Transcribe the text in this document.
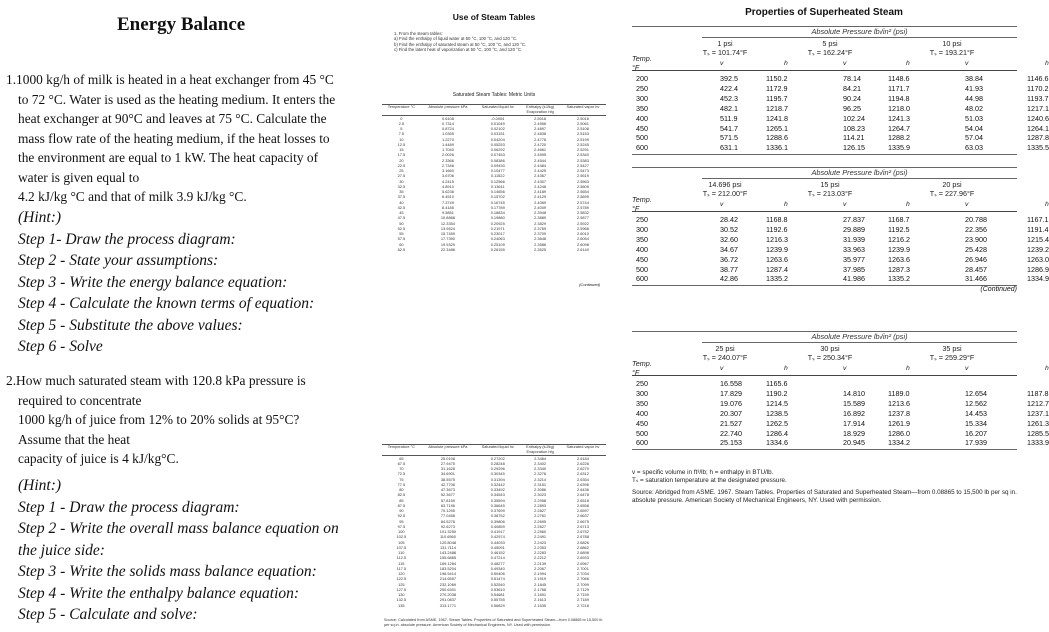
Energy Balance
1.1000 kg/h of milk is heated in a heat exchanger from 45 °C
to 72 °C. Water is used as the heating medium. It enters the
heat exchanger at 90°C and leaves at 75 °C. Calculate the
mass flow rate of the heating medium, if the heat losses to
the environment are equal to 1 kW. The heat capacity of
water is given equal to
4.2 kJ/kg °C and that of milk 3.9 kJ/kg °C.
(Hint:)
Step 1- Draw the process diagram:
Step 2 - State your assumptions:
Step 3 - Write the energy balance equation:
Step 4 - Calculate the known terms of equation:
Step 5 - Substitute the above values:
Step 6 - Solve
2.How much saturated steam with 120.8 kPa pressure is
required to concentrate
1000 kg/h of juice from 12% to 20% solids at 95°C?
Assume that the heat
capacity of juice is 4 kJ/kg°C.
(Hint:)
Step 1 - Draw the process diagram:
Step 2 - Write the overall mass balance equation on
the juice side:
Step 3 - Write the solids mass balance equation:
Step 4 - Write the enthalpy balance equation:
Step 5 - Calculate and solve:
Use of Steam Tables
1. From the steam tables:
a) Find the enthalpy of liquid water at 50 °C, 100 °C, and 120 °C.
b) Find the enthalpy of saturated steam at 50 °C, 100 °C, and 120 °C.
c) Find the latent heat of vaporization at 50 °C, 100 °C, and 120 °C.
Saturated Steam Tables: Metric Units
Temperature °C	Absolute pressure kPa	Saturated liquid hc	Enthalpy (kJ/kg)
Evaporation hfg	Saturated vapor hv
0	0.6108	-0.0004	2.5016	2.5016
2.5	0.7314	0.01049	2.4956	2.5061
5	0.8724	0.02102	2.4897	2.5108
7.5	1.0355	0.03151	2.4838	2.5153
10	1.2270	0.04204	2.4778	2.5199
12.5	1.4489	0.05253	2.4720	2.5245
15	1.7040	0.06292	2.4661	2.5291
17.5	2.0026	0.07453	2.4595	2.5340
20	2.3366	0.08386	2.4544	2.5383
22.5	2.7346	0.09430	2.4484	2.5427
25	3.1660	0.10477	2.4425	2.5473
27.5	3.6706	0.11522	2.4367	2.5519
30	4.2415	0.12566	2.4307	2.5563
32.5	4.8910	0.13611	2.4246	2.5609
35	5.6236	0.14656	2.4189	2.5654
37.5	6.4510	0.15702	2.4129	2.5699
40	7.3749	0.16745	2.4069	2.5744
42.5	8.4185	0.17789	2.4009	2.5789
45	9.5851	0.18834	2.3948	2.5832
47.5	10.8868	0.19880	2.3889	2.5877
50	12.3354	0.20925	2.3829	2.5922
52.5	13.9524	0.21971	2.3769	2.5966
55	15.7459	0.23017	2.3709	2.6010
57.5	17.7390	0.24063	2.3648	2.6054
60	19.9329	0.25109	2.3586	2.6098
62.5	22.3486	0.26155	2.3525	2.6140
(Continued)
Temperature °C	Absolute pressure kPa	Saturated liquid hc	Enthalpy (kJ/kg)
Evaporation hfg	Saturated vapor hv
65	25.0108	0.27202	2.3464	2.6184
67.5	27.9475	0.28248	2.3402	2.6226
70	31.1628	0.29296	2.3340	2.6270
72.5	34.6901	0.30345	2.3276	2.6312
75	38.5575	0.31394	2.3214	2.6354
77.5	42.7706	0.32442	2.3151	2.6396
80	47.3673	0.33492	2.3086	2.6436
82.5	52.3677	0.34543	2.3023	2.6478
85	57.8159	0.35594	2.2958	2.6518
87.5	63.7196	0.36645	2.2893	2.6558
90	70.1295	0.37699	2.2827	2.6597
92.5	77.0458	0.38752	2.2761	2.6637
95	84.5278	0.39806	2.2695	2.6675
97.5	92.6273	0.40859	2.2627	2.6713
100	101.3250	0.41917	2.2560	2.6752
102.5	110.6560	0.42974	2.2491	2.6788
105	120.8048	0.44033	2.2423	2.6826
107.5	131.7114	0.45091	2.2353	2.6862
110	143.2488	0.46152	2.2283	2.6898
112.5	155.6865	0.47214	2.2212	2.6933
115	169.1284	0.48277	2.2139	2.6967
117.5	183.5204	0.49340	2.2067	2.7001
120	198.5414	0.50406	2.1994	2.7034
122.5	214.6557	0.51474	2.1919	2.7066
125	232.1069	0.52540	2.1845	2.7099
127.5	250.6301	0.53610	2.1768	2.7129
130	270.2038	0.54681	2.1691	2.7159
132.5	291.0837	0.55755	2.1613	2.7189
135	313.1771	0.56829	2.1535	2.7218
Source: Calculated from ASME, 1967. Steam Tables. Properties of Saturated and Superheated Steam—from 0.08865 to 15,500 lb per sq in. absolute pressure. American Society of Mechanical Engineers, NY. Used with permission.
Properties of Superheated Steam
Absolute Pressure lbₗ/in² (psi)
Temp.
°F
1 psi
Tₛ = 101.74°F
v	h
5 psi
Tₛ = 162.24°F
v	h
10 psi
Tₛ = 193.21°F
v	h
200	392.5	1150.2	78.14	1148.6	38.84	1146.6
250	422.4	1172.9	84.21	1171.7	41.93	1170.2
300	452.3	1195.7	90.24	1194.8	44.98	1193.7
350	482.1	1218.7	96.25	1218.0	48.02	1217.1
400	511.9	1241.8	102.24	1241.3	51.03	1240.6
450	541.7	1265.1	108.23	1264.7	54.04	1264.1
500	571.5	1288.6	114.21	1288.2	57.04	1287.8
600	631.1	1336.1	126.15	1335.9	63.03	1335.5
Absolute Pressure lbₗ/in² (psi)
Temp.
°F
14.696 psi
Tₛ = 212.00°F
v	h
15 psi
Tₛ = 213.03°F
v	h
20 psi
Tₛ = 227.96°F
v	h
250	28.42	1168.8	27.837	1168.7	20.788	1167.1
300	30.52	1192.6	29.889	1192.5	22.356	1191.4
350	32.60	1216.3	31.939	1216.2	23.900	1215.4
400	34.67	1239.9	33.963	1239.9	25.428	1239.2
450	36.72	1263.6	35.977	1263.6	26.946	1263.0
500	38.77	1287.4	37.985	1287.3	28.457	1286.9
600	42.86	1335.2	41.986	1335.2	31.466	1334.9
(Continued)
Absolute Pressure lbₗ/in² (psi)
Temp.
°F
25 psi
Tₛ = 240.07°F
v	h
30 psi
Tₛ = 250.34°F
v	h
35 psi
Tₛ = 259.29°F
v	h
250	16.558	1165.6
300	17.829	1190.2	14.810	1189.0	12.654	1187.8
350	19.076	1214.5	15.589	1213.6	12.562	1212.7
400	20.307	1238.5	16.892	1237.8	14.453	1237.1
450	21.527	1262.5	17.914	1261.9	15.334	1261.3
500	22.740	1286.4	18.929	1286.0	16.207	1285.5
600	25.153	1334.6	20.945	1334.2	17.939	1333.9
v = specific volume in ft³/lb; h = enthalpy in BTU/lb.
Tₛ = saturation temperature at the designated pressure.
Source: Abridged from ASME. 1967. Steam Tables. Properties of Saturated and Superheated Steam—from 0.08865 to 15,500 lb per sq in. absolute pressure. American Society of Mechanical Engineers, NY. Used with permission.
